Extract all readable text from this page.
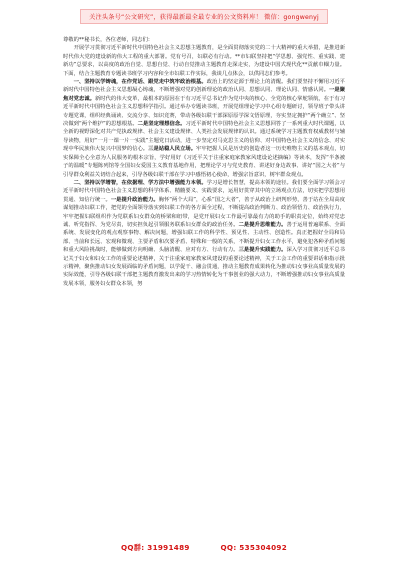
关注头条号“公文研究”，获得最新最全最专业的公文资料库！ 微信：gongwenyj

尊敬的**秘书长，各位老师，同志们：

开展学习贯彻习近平新时代中国特色社会主义思想主题教育，是全面贯彻落实党的二十大精神的重大举措，是推进新时代伟大党的建设新的伟大工程的重大部署。党有号召，妇联必有行动。**市妇联坚持把“学思想、强党性、重实践、建新功”总要求，以高度的政治自觉、思想自觉、行动自觉推动主题教育走深走实，为建设中国式现代化**贡献巾帼力量。下面，结合主题教育专题读书班学习内容和全市妇联工作实际，我谈几点体会，以供同志们参考。

一、坚持以学铸魂，在作党话、跟党走中筑牢政治根基。政治上的坚定源于理论上的清醒。我们要坚持不懈用习近平新时代中国特色社会主义思想凝心铸魂，不断增强对党的创新理论的政治认同、思想认同、理论认同、情感认同。一是聚焦对党忠诚。新时代的伟大变革，最根本的原因在于有习近平总书记作为党中央的核心、全党的核心掌舵领航，在于有习近平新时代中国特色社会主义思想科学指引。通过举办专题读书班，开展党组理论学习中心组专题研讨，领导班子带头讲专题党课，组织经典诵读、交流分享、知识竞赛，带动各级妇联干部深原原学深文悟原理，夯实坚定拥护“两个确立”、坚决做到“两个维护”的思想根基。二是坚定理想信念。习近平新时代中国特色社会主义思想回答了一系列重大时代课题，以全新的视野深化对共产党执政规律、社会主义建设规律、人类社会发展规律的认识。通过系统学习主题教育权威教材与辅导读物，用好“一月一课一片一实践”主题党日活动，进一步坚定对马克思主义的信仰、对中国特色社会主义的信念、对实现中华民族伟大复兴中国梦的信心。三是站稳人民立场。牢牢把握人民是历史的创造者这一历史唯物主义的基本观点，切实保障全心全意为人民服务的根本宗旨，学好用好《习近平关于注重家庭家教家风建设论述摘编》等读本，发挥“半条被子的温暖”专题陈列馆等全国妇女爱国主义教育基地作用，把理论学习与党史教育、讲述好身边故事、讲好“国之大者”与引导群众利益关切结合起来，引导各级妇联干部在学习中感悟初心使命，增强宗旨意识，树牢群众观点。

二、坚持以学增智，在依据理、学方法中增强能力本领。学习是增长智慧，提高本领的途径。我们要全面学习领会习近平新时代中国特色社会主义思想的科学体系、精髓要义、实践要求，运用好贯穿其中的立场观点方法，切实把学思想用贯通、知信行统一。一是提升政治能力。胸怀“两个大局”，心系“国之大者”，善于从政治上研判形势，善于站在全局高度谋划推动妇联工作，把党的全面领导落实到妇联工作的各方面全过程，不断提高政治判断力、政治领悟力、政治执行力，牢牢把握妇联组织作为党联系妇女群众的桥梁和纽带，是党开展妇女工作最可靠最有力的助手的职责定位，始终对党忠诚、听党指挥、为党尽责，切实担负起引领服务联系妇女群众的政治任务。二是提升思维能力。善于运用普遍联系、全面系统、发展变化的观点观察事物、解决问题，增强妇联工作的科学性、预见性、主动性、创造性。真正把握好全局和局部、当前和长远、宏观和微观、主要矛盾和次要矛盾、特殊和一般的关系，不断提升妇女工作水平，避免犯各种矛盾问题和重大风险挑战时，能够做到方向明确、头脑清醒、应对有方、行动有力。三是提升实践能力。深入学习贯彻习近平总书记关于妇女和妇女工作的重要论述精神，关于注重家庭家教家风建设的重要论述精神，关于工会工作的重要讲话和指示批示精神，聚焦推动妇女发展面临的矛盾问题，以学促干、融会贯通，推动主题教育成果转化为推动妇女事业高质量发展的实际效能，引导各级妇联干部把主题教育激发出来的学习热情转化为干事创业的强大动力，不断增强推动妇女事业高质量发展本领，服务妇女群众本领，努

QQ群: 31991489	QQ: 535304092
